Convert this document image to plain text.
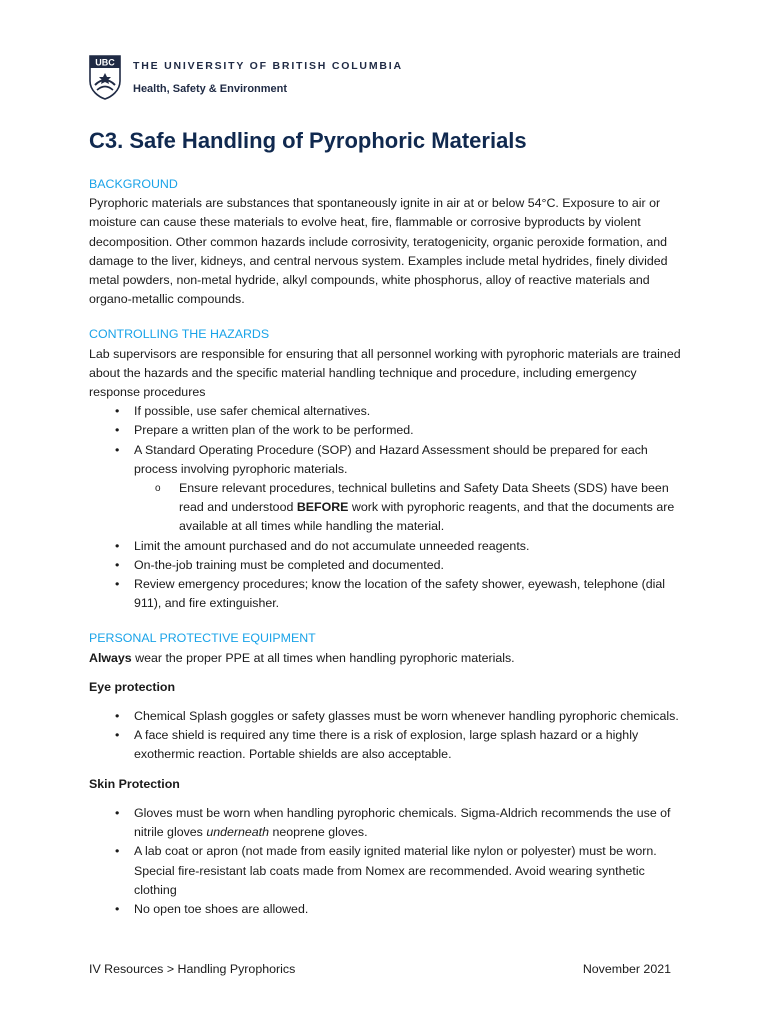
UBC THE UNIVERSITY OF BRITISH COLUMBIA
Health, Safety & Environment
C3. Safe Handling of Pyrophoric Materials

BACKGROUND

Pyrophoric materials are substances that spontaneously ignite in air at or below 54°C. Exposure to air or moisture can cause these materials to evolve heat, fire, flammable or corrosive byproducts by violent decomposition. Other common hazards include corrosivity, teratogenicity, organic peroxide formation, and damage to the liver, kidneys, and central nervous system. Examples include metal hydrides, finely divided metal powders, non-metal hydride, alkyl compounds, white phosphorus, alloy of reactive materials and organo-metallic compounds.

CONTROLLING THE HAZARDS

Lab supervisors are responsible for ensuring that all personnel working with pyrophoric materials are trained about the hazards and the specific material handling technique and procedure, including emergency response procedures

• If possible, use safer chemical alternatives.
• Prepare a written plan of the work to be performed.
• A Standard Operating Procedure (SOP) and Hazard Assessment should be prepared for each process involving pyrophoric materials.
o Ensure relevant procedures, technical bulletins and Safety Data Sheets (SDS) have been read and understood BEFORE work with pyrophoric reagents, and that the documents are available at all times while handling the material.
• Limit the amount purchased and do not accumulate unneeded reagents.
• On-the-job training must be completed and documented.
• Review emergency procedures; know the location of the safety shower, eyewash, telephone (dial 911), and fire extinguisher.

PERSONAL PROTECTIVE EQUIPMENT

Always wear the proper PPE at all times when handling pyrophoric materials.

Eye protection

• Chemical Splash goggles or safety glasses must be worn whenever handling pyrophoric chemicals.
• A face shield is required any time there is a risk of explosion, large splash hazard or a highly exothermic reaction. Portable shields are also acceptable.

Skin Protection

• Gloves must be worn when handling pyrophoric chemicals. Sigma-Aldrich recommends the use of nitrile gloves underneath neoprene gloves.
• A lab coat or apron (not made from easily ignited material like nylon or polyester) must be worn. Special fire-resistant lab coats made from Nomex are recommended. Avoid wearing synthetic clothing
• No open toe shoes are allowed.
IV Resources > Handling Pyrophorics	November 2021
